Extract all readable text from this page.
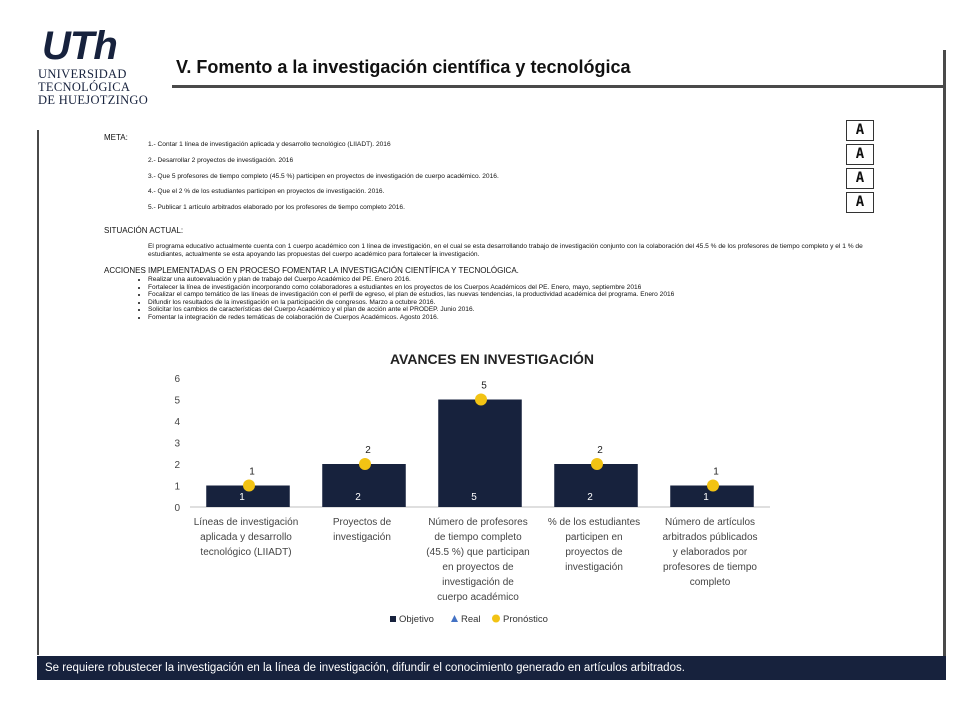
UTh
UNIVERSIDAD
TECNOLÓGICA
DE HUEJOTZINGO
V. Fomento a la investigación científica y tecnológica
META:
1.- Contar 1 línea de investigación aplicada y desarrollo tecnológico (LIIADT). 2016
2.- Desarrollar 2 proyectos de investigación. 2016
3.- Que 5 profesores de tiempo completo (45.5 %) participen en proyectos de investigación de cuerpo académico. 2016.
4.- Que el 2 % de los estudiantes participen en proyectos de investigación. 2016.
5.- Publicar 1 artículo arbitrados elaborado por los profesores de tiempo completo 2016.
SITUACIÓN ACTUAL:
El programa educativo actualmente cuenta con 1 cuerpo académico con 1 línea de investigación, en el cual se esta desarrollando trabajo de investigación conjunto con la colaboración del 45.5 % de los profesores de tiempo completo y el 1 % de estudiantes, actualmente se esta apoyando las propuestas del cuerpo académico para fortalecer la investigación.
ACCIONES IMPLEMENTADAS O EN PROCESO FOMENTAR LA INVESTIGACIÓN CIENTÍFICA Y TECNOLÓGICA.
• Realizar una autoevaluación y plan de trabajo del Cuerpo Académico del PE. Enero 2016.
• Fortalecer la línea de investigación incorporando como colaboradores a estudiantes en los proyectos de los Cuerpos Académicos del PE. Enero, mayo, septiembre 2016
• Focalizar el campo temático de las líneas de investigación con el perfil de egreso, el plan de estudios, las nuevas tendencias, la productividad académica del programa. Enero 2016
• Difundir los resultados de la investigación en la participación de congresos. Marzo a octubre 2016.
• Solicitar los cambios de características del Cuerpo Académico y el plan de acción ante el PRODEP. Junio 2016.
• Fomentar la integración de redes temáticas de colaboración de Cuerpos Académicos. Agosto 2016.
A
A
A
A
AVANCES EN INVESTIGACIÓN
0
1
2
3
4
5
6
1	2	5	2	1
1
2
5
2
1
Líneas de investigación aplicada y desarrollo tecnológico (LIIADT)
Proyectos de investigación
Número de profesores de tiempo completo (45.5 %) que participan en proyectos de investigación de cuerpo académico
% de los estudiantes participen en proyectos de investigación
Número de artículos arbitrados públicados y elaborados por profesores de tiempo completo
Objetivo	Real Pronóstico
Se requiere robustecer la investigación en la línea de investigación, difundir el conocimiento generado en artículos arbitrados.
